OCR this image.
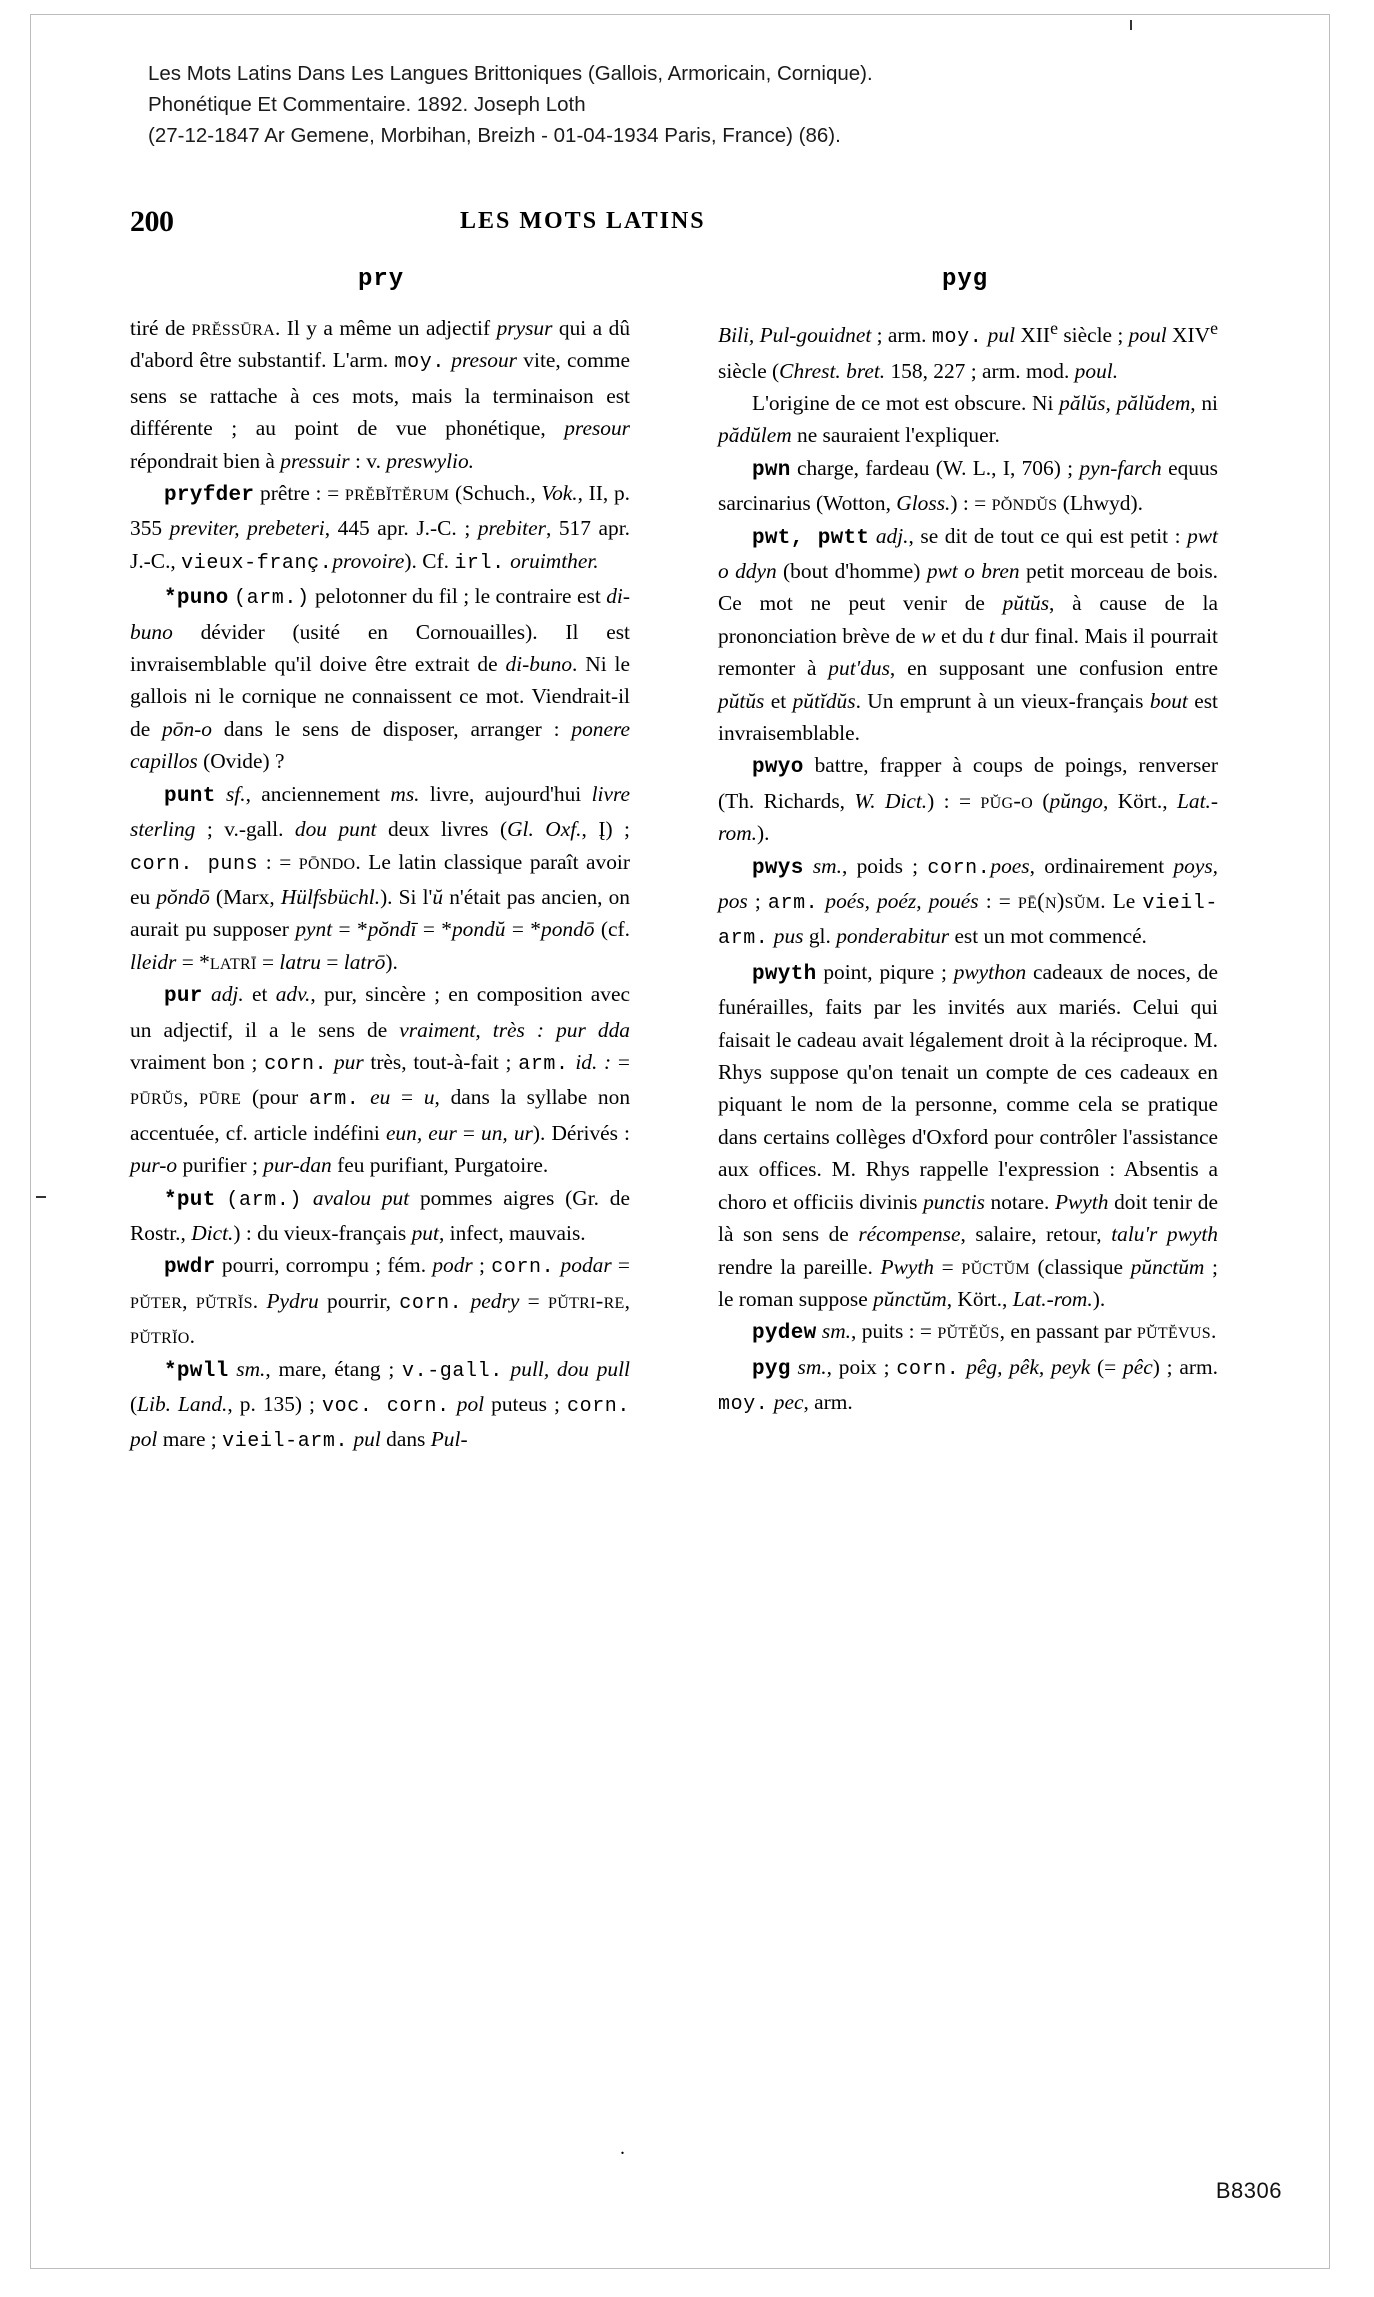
Les Mots Latins Dans Les Langues Brittoniques (Gallois, Armoricain, Cornique).
Phonétique Et Commentaire. 1892. Joseph Loth
(27-12-1847 Ar Gemene, Morbihan, Breizh - 01-04-1934 Paris, France) (86).
200	LES MOTS LATINS
pry	pyg

tiré de prĕssūra. Il y a même un adjectif prysur qui a dû d'abord être substantif. L'arm. moy. presour vite, comme sens se rattache à ces mots, mais la terminaison est différente ; au point de vue phonétique, presour répondrait bien à pressuir : v. preswylio.

pryfder prêtre : = prĕbĭtĕrum (Schuch., Vok., II, p. 355 previter, prebeteri, 445 apr. J.-C. ; prebiter, 517 apr. J.-C., vieux-franç.provoire). Cf. irl. oruimther.

*puno (arm.) pelotonner du fil ; le contraire est di-buno dévider (usité en Cornouailles). Il est invraisemblable qu'il doive être extrait de di-buno. Ni le gallois ni le cornique ne connaissent ce mot. Viendrait-il de pōn-o dans le sens de disposer, arranger : ponere capillos (Ovide) ?

punt sf., anciennement ms. livre, aujourd'hui livre sterling ; v.-gall. dou punt deux livres (Gl. Oxf., Į) ; corn. puns : = pōndo. Le latin classique paraît avoir eu pŏndō (Marx, Hülfsbüchl.). Si l'ŭ n'était pas ancien, on aurait pu supposer pynt = *pŏndī = *pondŭ = *pondō (cf. lleidr = *latrī = latru = latrō).

pur adj. et adv., pur, sincère ; en composition avec un adjectif, il a le sens de vraiment, très : pur dda vraiment bon ; corn. pur très, tout-à-fait ; arm. id. : = pūrŭs, pūre (pour arm. eu = u, dans la syllabe non accentuée, cf. article indéfini eun, eur = un, ur). Dérivés : pur-o purifier ; pur-dan feu purifiant, Purgatoire.

*put (arm.) avalou put pommes aigres (Gr. de Rostr., Dict.) : du vieux-français put, infect, mauvais.

pwdr pourri, corrompu ; fém. podr ; corn. podar = pŭter, pŭtrĭs. Pydru pourrir, corn. pedry = pŭtri-re, pŭtrĭo.

*pwll sm., mare, étang ; v.-gall. pull, dou pull (Lib. Land., p. 135) ; voc. corn. pol puteus ; corn. pol mare ; vieil-arm. pul dans Pul-

Bili, Pul-gouidnet ; arm. moy. pul XIIe siècle ; poul XIVe siècle (Chrest. bret. 158, 227 ; arm. mod. poul.

L'origine de ce mot est obscure. Ni pălŭs, pălŭdem, ni pădŭlem ne sauraient l'expliquer.

pwn charge, fardeau (W. L., I, 706) ; pyn-farch equus sarcinarius (Wotton, Gloss.) : = pŏndŭs (Lhwyd).

pwt, pwtt adj., se dit de tout ce qui est petit : pwt o ddyn (bout d'homme) pwt o bren petit morceau de bois. Ce mot ne peut venir de pŭtŭs, à cause de la prononciation brève de w et du t dur final. Mais il pourrait remonter à put'dus, en supposant une confusion entre pŭtŭs et pŭtĭdŭs. Un emprunt à un vieux-français bout est invraisemblable.

pwyo battre, frapper à coups de poings, renverser (Th. Richards, W. Dict.) : = pŭg-o (pŭngo, Kört., Lat.-rom.).

pwys sm., poids ; corn.poes, ordinairement poys, pos ; arm. poés, poéz, poués : = pē(n)sŭm. Le vieil-arm. pus gl. ponderabitur est un mot commencé.

pwyth point, piqure ; pwython cadeaux de noces, de funérailles, faits par les invités aux mariés. Celui qui faisait le cadeau avait légalement droit à la réciproque. M. Rhys suppose qu'on tenait un compte de ces cadeaux en piquant le nom de la personne, comme cela se pratique dans certains collèges d'Oxford pour contrôler l'assistance aux offices. M. Rhys rappelle l'expression : Absentis a choro et officiis divinis punctis notare. Pwyth doit tenir de là son sens de récompense, salaire, retour, talu'r pwyth rendre la pareille. Pwyth = pŭctŭm (classique pŭnctŭm ; le roman suppose pŭnctŭm, Kört., Lat.-rom.).

pydew sm., puits : = pŭtĕŭs, en passant par pŭtĕvus.

pyg sm., poix ; corn. pêg, pêk, peyk (= pêc) ; arm. moy. pec, arm.

.
B8306
